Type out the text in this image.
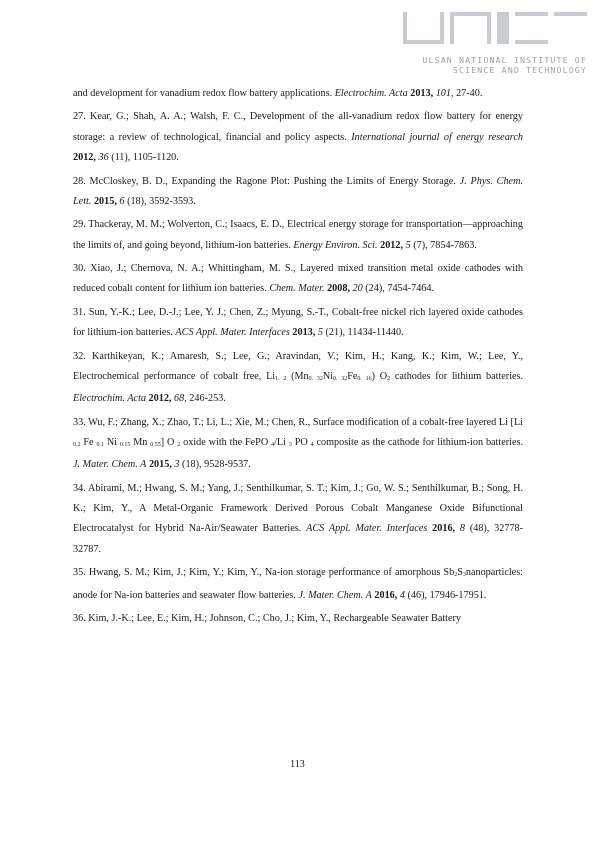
ULSAN NATIONAL INSTITUTE OF
SCIENCE AND TECHNOLOGY

and development for vanadium redox flow battery applications. Electrochim. Acta 2013, 101, 27-40.

27. Kear, G.; Shah, A. A.; Walsh, F. C., Development of the all-vanadium redox flow battery for energy storage: a review of technological, financial and policy aspects. International journal of energy research 2012, 36 (11), 1105-1120.

28. McCloskey, B. D., Expanding the Ragone Plot: Pushing the Limits of Energy Storage. J. Phys. Chem. Lett. 2015, 6 (18), 3592-3593.

29. Thackeray, M. M.; Wolverton, C.; Isaacs, E. D., Electrical energy storage for transportation—approaching the limits of, and going beyond, lithium-ion batteries. Energy Environ. Sci. 2012, 5 (7), 7854-7863.

30. Xiao, J.; Chernova, N. A.; Whittingham, M. S., Layered mixed transition metal oxide cathodes with reduced cobalt content for lithium ion batteries. Chem. Mater. 2008, 20 (24), 7454-7464.

31. Sun, Y.-K.; Lee, D.-J.; Lee, Y. J.; Chen, Z.; Myung, S.-T., Cobalt-free nickel rich layered oxide cathodes for lithium-ion batteries. ACS Appl. Mater. Interfaces 2013, 5 (21), 11434-11440.

32. Karthikeyan, K.; Amaresh, S.; Lee, G.; Aravindan, V.; Kim, H.; Kang, K.; Kim, W.; Lee, Y., Electrochemical performance of cobalt free, $Li_{1. 2}$ $(Mn_{0. 32}Ni_{0. 32}Fe_{0. 16})$ $O_2$ cathodes for lithium batteries. Electrochim. Acta 2012, 68, 246-253.

33. Wu, F.; Zhang, X.; Zhao, T.; Li, L.; Xie, M.; Chen, R., Surface modification of a cobalt-free layered Li [Li $_{0.2}$ Fe $_{0.1}$ Ni $_{0.15}$ Mn $_{0.55}$] O $_2$ oxide with the FePO $_4$/Li $_3$ PO $_4$ composite as the cathode for lithium-ion batteries. J. Mater. Chem. A 2015, 3 (18), 9528-9537.

34. Abirami, M.; Hwang, S. M.; Yang, J.; Senthilkumar, S. T.; Kim, J.; Go, W. S.; Senthilkumar, B.; Song, H. K.; Kim, Y., A Metal-Organic Framework Derived Porous Cobalt Manganese Oxide Bifunctional Electrocatalyst for Hybrid Na-Air/Seawater Batteries. ACS Appl. Mater. Interfaces 2016, 8 (48), 32778-32787.

35. Hwang, S. M.; Kim, J.; Kim, Y.; Kim, Y., Na-ion storage performance of amorphous $Sb_2S_3nanoparticles$: anode for Na-ion batteries and seawater flow batteries. J. Mater. Chem. A 2016, 4 (46), 17946-17951.

36. Kim, J.-K.; Lee, E.; Kim, H.; Johnson, C.; Cho, J.; Kim, Y., Rechargeable Seawater Battery

113
